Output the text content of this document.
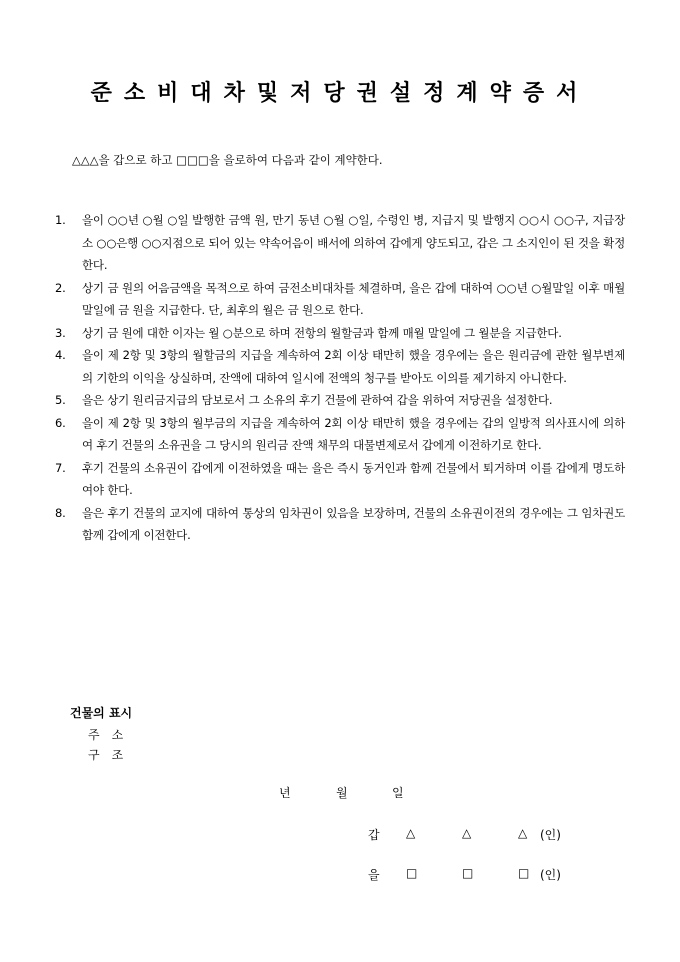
준소비대차및저당권설정계약증서
△△△을 갑으로 하고 □□□을 을로하여 다음과 같이 계약한다.
1. 을이 ○○년 ○월 ○일 발행한 금액 원, 만기 동년 ○월 ○일, 수령인 병, 지급지 및 발행지 ○○시 ○○구, 지급장소 ○○은행 ○○지점으로 되어 있는 약속어음이 배서에 의하여 갑에게 양도되고, 갑은 그 소지인이 된 것을 확정한다.
2. 상기 금 원의 어음금액을 목적으로 하여 금전소비대차를 체결하며, 을은 갑에 대하여 ○○년 ○월말일 이후 매월 말일에 금 원을 지급한다. 단, 최후의 월은 금 원으로 한다.
3. 상기 금 원에 대한 이자는 월 ○분으로 하며 전항의 월할금과 함께 매월 말일에 그 월분을 지급한다.
4. 을이 제 2항 및 3항의 월할금의 지급을 계속하여 2회 이상 태만히 했을 경우에는 을은 원리금에 관한 월부변제의 기한의 이익을 상실하며, 잔액에 대하여 일시에 전액의 청구를 받아도 이의를 제기하지 아니한다.
5. 을은 상기 원리금지급의 담보로서 그 소유의 후기 건물에 관하여 갑을 위하여 저당권을 설정한다.
6. 을이 제 2항 및 3항의 월부금의 지급을 계속하여 2회 이상 태만히 했을 경우에는 갑의 일방적 의사표시에 의하여 후기 건물의 소유권을 그 당시의 원리금 잔액 채무의 대물변제로서 갑에게 이전하기로 한다.
7. 후기 건물의 소유권이 갑에게 이전하였을 때는 을은 즉시 동거인과 함께 건물에서 퇴거하며 이를 갑에게 명도하여야 한다.
8. 을은 후기 건물의 교지에 대하여 통상의 임차권이 있음을 보장하며, 건물의 소유권이전의 경우에는 그 임차권도 함께 갑에게 이전한다.
건물의 표시
주소
구조
년	월	일
갑 △	△	△ (인)
을 □	□	□ (인)
